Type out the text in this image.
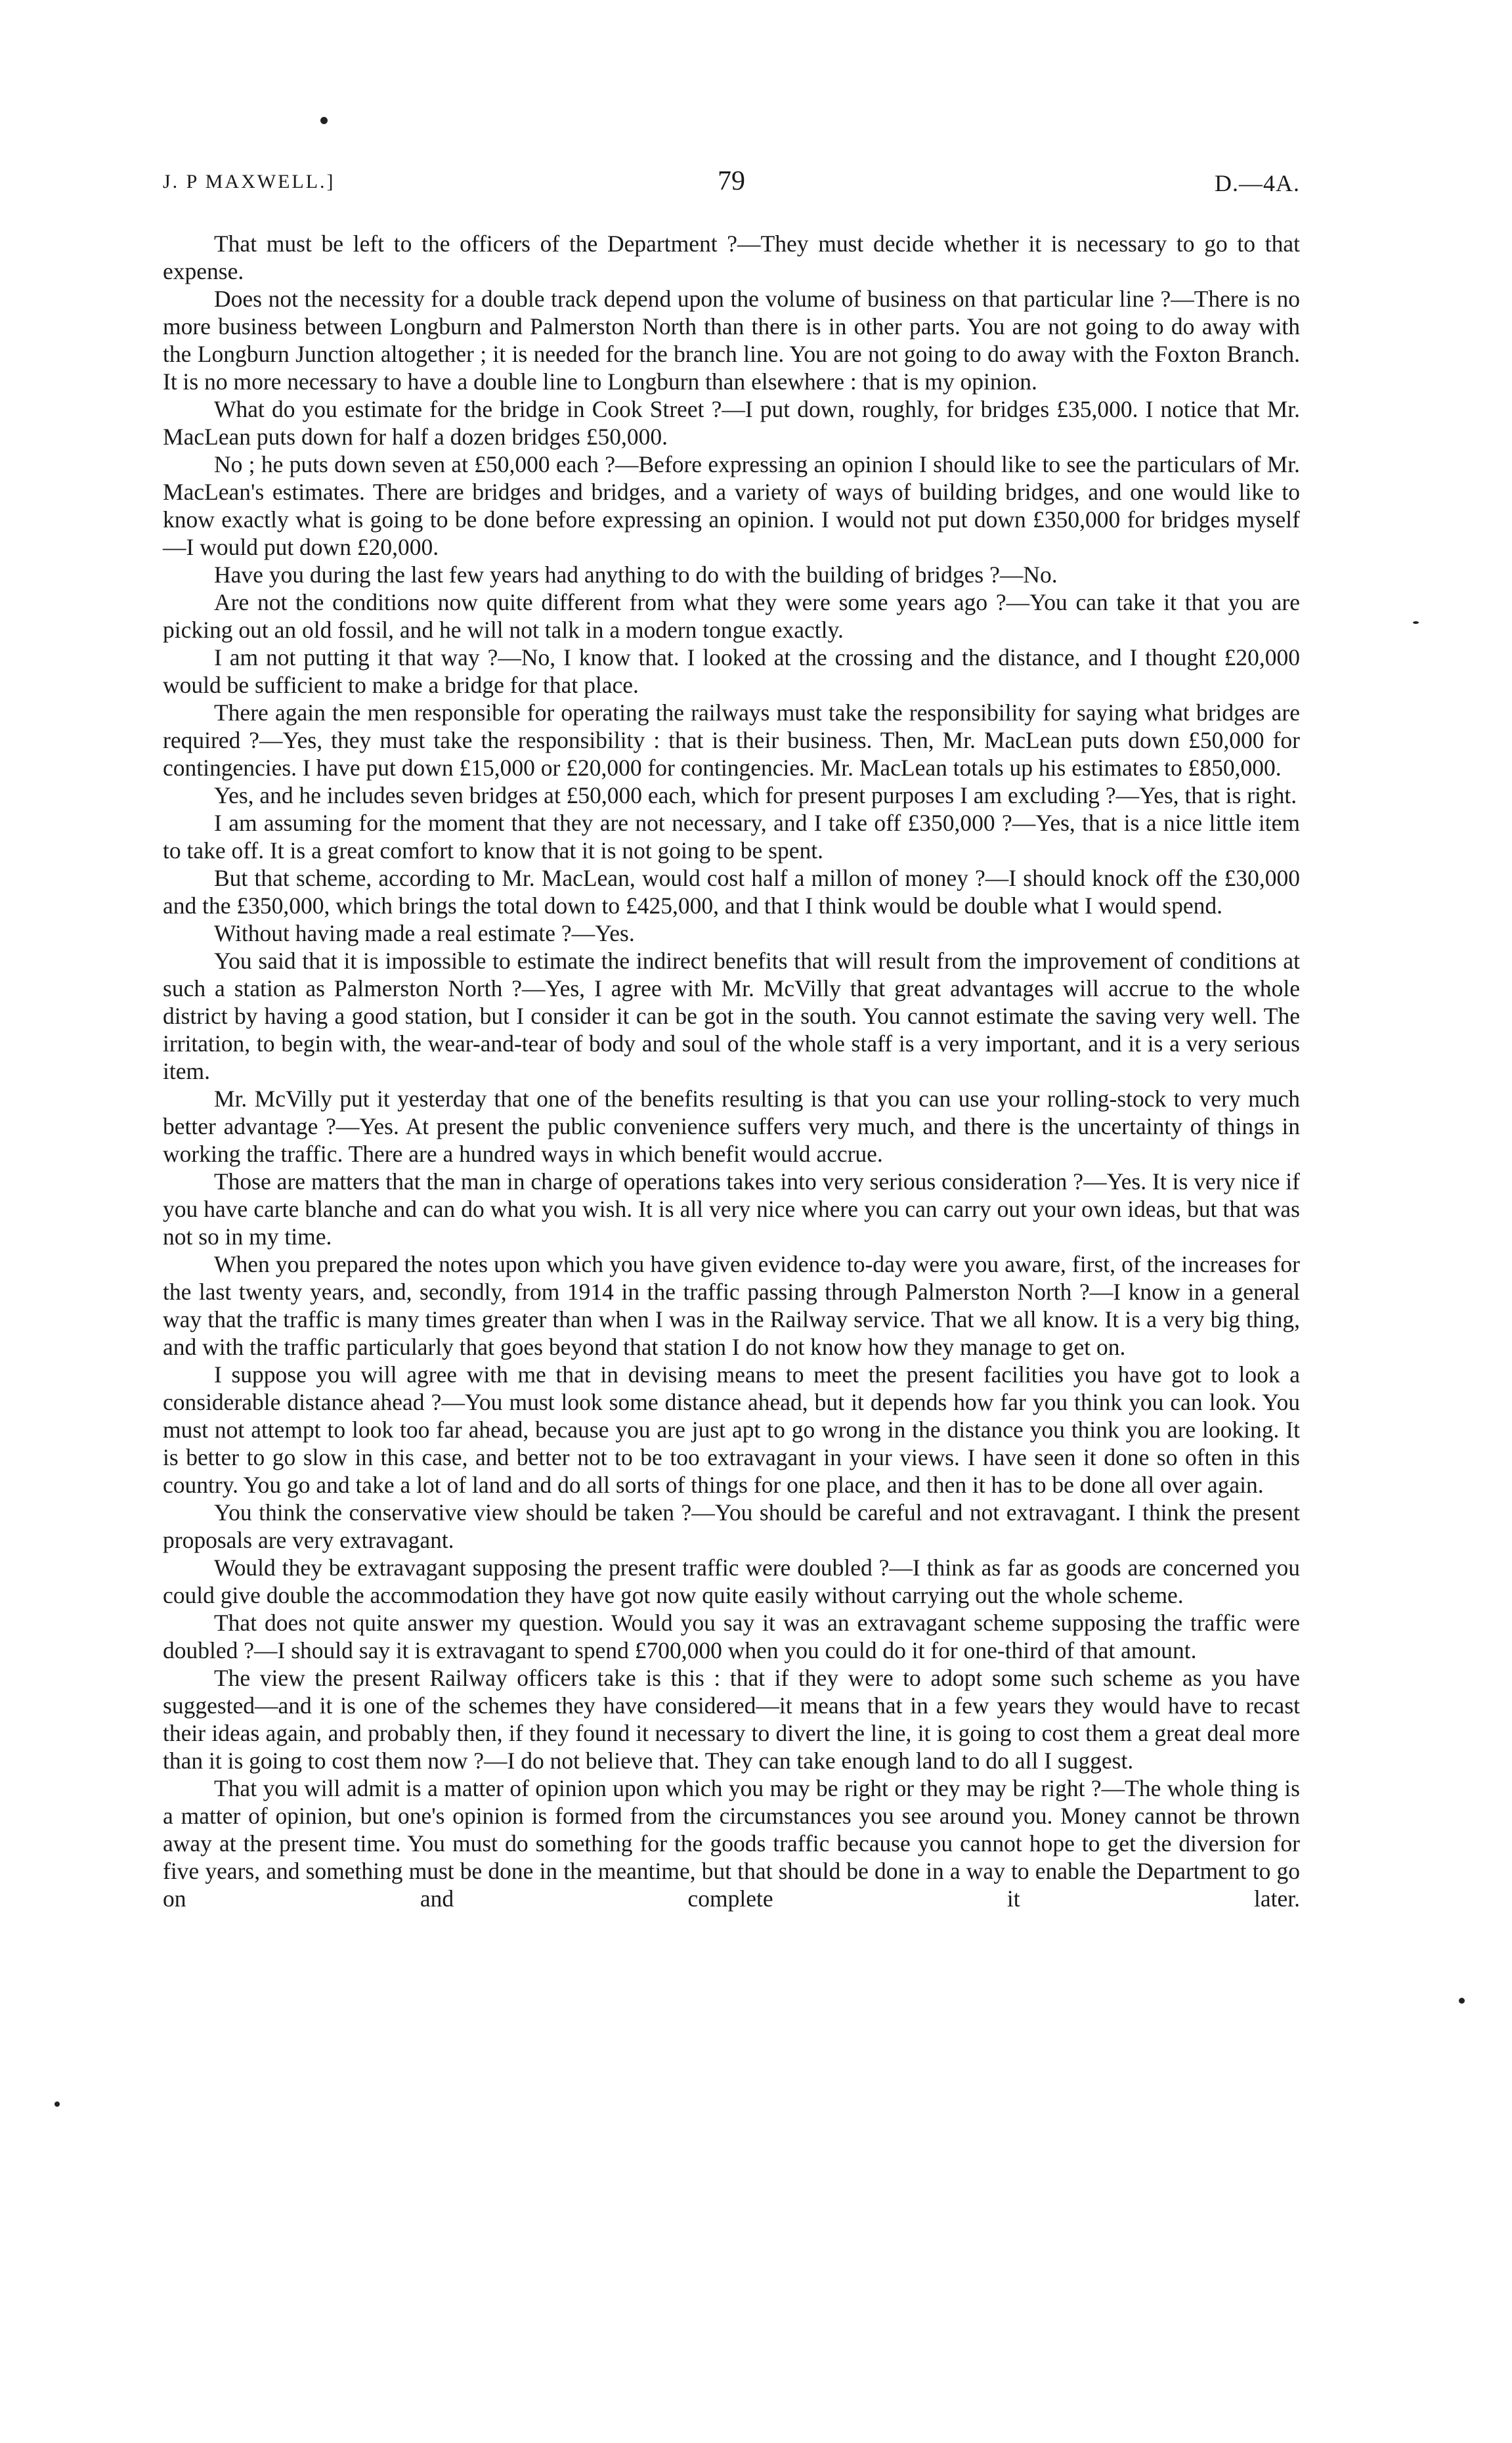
J. P MAXWELL.]	79	D.—4A.

That must be left to the officers of the Department ?—They must decide whether it is necessary to go to that expense.

Does not the necessity for a double track depend upon the volume of business on that particular line ?—There is no more business between Longburn and Palmerston North than there is in other parts. You are not going to do away with the Longburn Junction altogether ; it is needed for the branch line. You are not going to do away with the Foxton Branch. It is no more necessary to have a double line to Longburn than elsewhere : that is my opinion.

What do you estimate for the bridge in Cook Street ?—I put down, roughly, for bridges £35,000. I notice that Mr. MacLean puts down for half a dozen bridges £50,000.

No ; he puts down seven at £50,000 each ?—Before expressing an opinion I should like to see the particulars of Mr. MacLean's estimates. There are bridges and bridges, and a variety of ways of building bridges, and one would like to know exactly what is going to be done before expressing an opinion. I would not put down £350,000 for bridges myself—I would put down £20,000.

Have you during the last few years had anything to do with the building of bridges ?—No.

Are not the conditions now quite different from what they were some years ago ?—You can take it that you are picking out an old fossil, and he will not talk in a modern tongue exactly.

I am not putting it that way ?—No, I know that. I looked at the crossing and the distance, and I thought £20,000 would be sufficient to make a bridge for that place.

There again the men responsible for operating the railways must take the responsibility for saying what bridges are required ?—Yes, they must take the responsibility : that is their business. Then, Mr. MacLean puts down £50,000 for contingencies. I have put down £15,000 or £20,000 for contingencies. Mr. MacLean totals up his estimates to £850,000.

Yes, and he includes seven bridges at £50,000 each, which for present purposes I am excluding ?—Yes, that is right.

I am assuming for the moment that they are not necessary, and I take off £350,000 ?—Yes, that is a nice little item to take off. It is a great comfort to know that it is not going to be spent.

But that scheme, according to Mr. MacLean, would cost half a millon of money ?—I should knock off the £30,000 and the £350,000, which brings the total down to £425,000, and that I think would be double what I would spend.

Without having made a real estimate ?—Yes.

You said that it is impossible to estimate the indirect benefits that will result from the improvement of conditions at such a station as Palmerston North ?—Yes, I agree with Mr. McVilly that great advantages will accrue to the whole district by having a good station, but I consider it can be got in the south. You cannot estimate the saving very well. The irritation, to begin with, the wear-and-tear of body and soul of the whole staff is a very important, and it is a very serious item.

Mr. McVilly put it yesterday that one of the benefits resulting is that you can use your rolling-stock to very much better advantage ?—Yes. At present the public convenience suffers very much, and there is the uncertainty of things in working the traffic. There are a hundred ways in which benefit would accrue.

Those are matters that the man in charge of operations takes into very serious consideration ?—Yes. It is very nice if you have carte blanche and can do what you wish. It is all very nice where you can carry out your own ideas, but that was not so in my time.

When you prepared the notes upon which you have given evidence to-day were you aware, first, of the increases for the last twenty years, and, secondly, from 1914 in the traffic passing through Palmerston North ?—I know in a general way that the traffic is many times greater than when I was in the Railway service. That we all know. It is a very big thing, and with the traffic particularly that goes beyond that station I do not know how they manage to get on.

I suppose you will agree with me that in devising means to meet the present facilities you have got to look a considerable distance ahead ?—You must look some distance ahead, but it depends how far you think you can look. You must not attempt to look too far ahead, because you are just apt to go wrong in the distance you think you are looking. It is better to go slow in this case, and better not to be too extravagant in your views. I have seen it done so often in this country. You go and take a lot of land and do all sorts of things for one place, and then it has to be done all over again.

You think the conservative view should be taken ?—You should be careful and not extravagant. I think the present proposals are very extravagant.

Would they be extravagant supposing the present traffic were doubled ?—I think as far as goods are concerned you could give double the accommodation they have got now quite easily without carrying out the whole scheme.

That does not quite answer my question. Would you say it was an extravagant scheme supposing the traffic were doubled ?—I should say it is extravagant to spend £700,000 when you could do it for one-third of that amount.

The view the present Railway officers take is this : that if they were to adopt some such scheme as you have suggested—and it is one of the schemes they have considered—it means that in a few years they would have to recast their ideas again, and probably then, if they found it necessary to divert the line, it is going to cost them a great deal more than it is going to cost them now ?—I do not believe that. They can take enough land to do all I suggest.

That you will admit is a matter of opinion upon which you may be right or they may be right ?—The whole thing is a matter of opinion, but one's opinion is formed from the circumstances you see around you. Money cannot be thrown away at the present time. You must do something for the goods traffic because you cannot hope to get the diversion for five years, and something must be done in the meantime, but that should be done in a way to enable the Department to go on and complete it later.
